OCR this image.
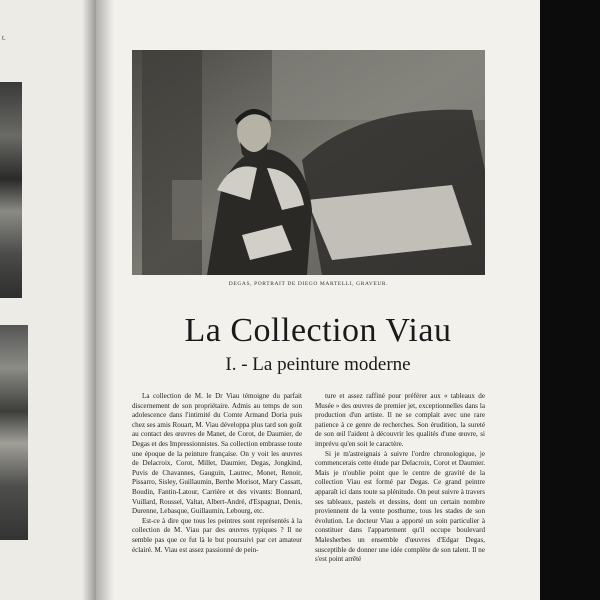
t.
DEGAS, PORTRAIT DE DIEGO MARTELLI, GRAVEUR.
La Collection Viau
I. - La peinture moderne

La collection de M. le Dr Viau témoigne du parfait discernement de son propriétaire. Admis au temps de son adolescence dans l'intimité du Comte Armand Doria puis chez ses amis Rouart, M. Viau développa plus tard son goût au contact des œuvres de Manet, de Corot, de Daumier, de Degas et des Impressionnistes. Sa collection embrasse toute une époque de la peinture française. On y voit les œuvres de Delacroix, Corot, Millet, Daumier, Degas, Jongkind, Puvis de Chavannes, Gauguin, Lautrec, Monet, Renoir, Pissarro, Sisley, Guillaumin, Berthe Morisot, Mary Cassatt, Boudin, Fantin-Latour, Carrière et des vivants: Bonnard, Vuillard, Roussel, Valtat, Albert-André, d'Espagnat, Denis, Durenne, Lebasque, Guillaumin, Lebourg, etc.

Est-ce à dire que tous les peintres sont représentés à la collection de M. Viau par des œuvres typiques ? Il ne semble pas que ce fut là le but poursuivi par cet amateur éclairé. M. Viau est assez passionné de pein-

ture et assez raffiné pour préférer aux « tableaux de Musée » des œuvres de premier jet, exceptionnelles dans la production d'un artiste. Il ne se complait avec une rare patience à ce genre de recherches. Son érudition, la sureté de son œil l'aident à découvrir les qualités d'une œuvre, si imprévu qu'en soit le caractère.

Si je m'astreignais à suivre l'ordre chronologique, je commencerais cette étude par Delacroix, Corot et Daumier. Mais je n'oublie point que le centre de gravité de la collection Viau est formé par Degas. Ce grand peintre apparaît ici dans toute sa plénitude. On peut suivre à travers ses tableaux, pastels et dessins, dont un certain nombre proviennent de la vente posthume, tous les stades de son évolution. Le docteur Viau a apporté un soin particulier à constituer dans l'appartement qu'il occupe boulevard Malesherbes un ensemble d'œuvres d'Edgar Degas, susceptible de donner une idée complète de son talent. Il ne s'est point arrêté
